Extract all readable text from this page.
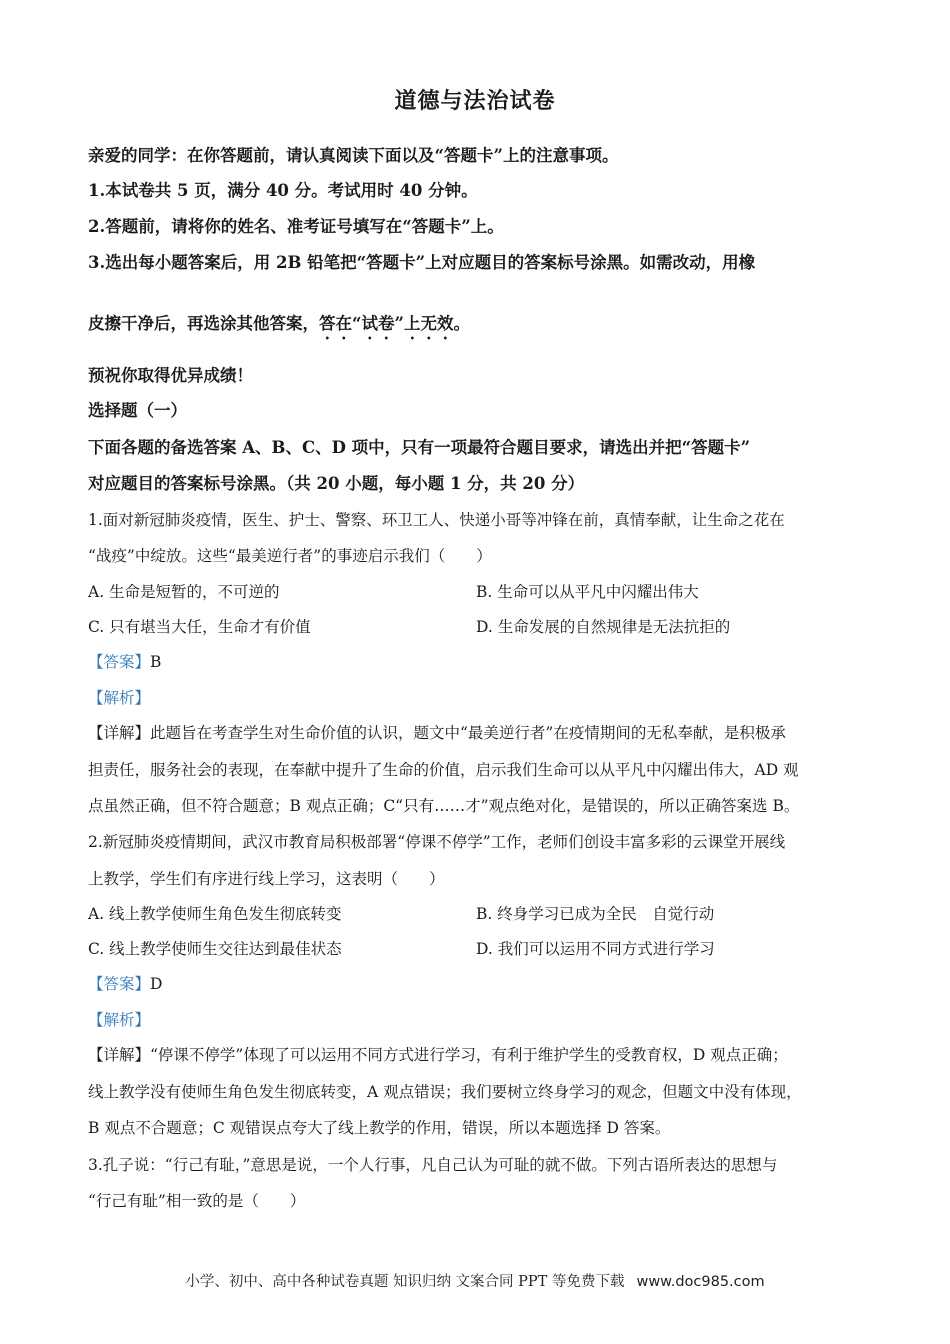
道德与法治试卷
亲爱的同学：在你答题前，请认真阅读下面以及“答题卡”上的注意事项。
1.本试卷共 5 页，满分 40 分。考试用时 40 分钟。
2.答题前，请将你的姓名、准考证号填写在“答题卡”上。
3.选出每小题答案后，用 2B 铅笔把“答题卡”上对应题目的答案标号涂黑。如需改动，用橡
皮擦干净后，再选涂其他答案，答在“试卷”上无效。
预祝你取得优异成绩！
选择题（一）
下面各题的备选答案 A、B、C、D 项中，只有一项最符合题目要求，请选出并把“答题卡”
对应题目的答案标号涂黑。（共 20 小题，每小题 1 分，共 20 分）
1.面对新冠肺炎疫情，医生、护士、警察、环卫工人、快递小哥等冲锋在前，真情奉献，让生命之花在
“战疫”中绽放。这些“最美逆行者”的事迹启示我们（　　）
A. 生命是短暂的，不可逆的	B. 生命可以从平凡中闪耀出伟大
C. 只有堪当大任，生命才有价值	D. 生命发展的自然规律是无法抗拒的
【答案】B
【解析】
【详解】此题旨在考查学生对生命价值的认识，题文中“最美逆行者”在疫情期间的无私奉献，是积极承
担责任，服务社会的表现，在奉献中提升了生命的价值，启示我们生命可以从平凡中闪耀出伟大，AD 观
点虽然正确，但不符合题意；B 观点正确；C“只有……才”观点绝对化，是错误的，所以正确答案选 B。
2.新冠肺炎疫情期间，武汉市教育局积极部署“停课不停学”工作，老师们创设丰富多彩的云课堂开展线
上教学，学生们有序进行线上学习，这表明（　　）
A. 线上教学使师生角色发生彻底转变	B. 终身学习已成为全民　自觉行动
C. 线上教学使师生交往达到最佳状态	D. 我们可以运用不同方式进行学习
【答案】D
【解析】
【详解】“停课不停学”体现了可以运用不同方式进行学习，有利于维护学生的受教育权，D 观点正确；
线上教学没有使师生角色发生彻底转变，A 观点错误；我们要树立终身学习的观念，但题文中没有体现，
B 观点不合题意；C 观错误点夸大了线上教学的作用，错误，所以本题选择 D 答案。
3.孔子说：“行己有耻，”意思是说，一个人行事，凡自己认为可耻的就不做。下列古语所表达的思想与
“行己有耻”相一致的是（　　）
小学、初中、高中各种试卷真题 知识归纳 文案合同 PPT 等免费下载 www.doc985.com
